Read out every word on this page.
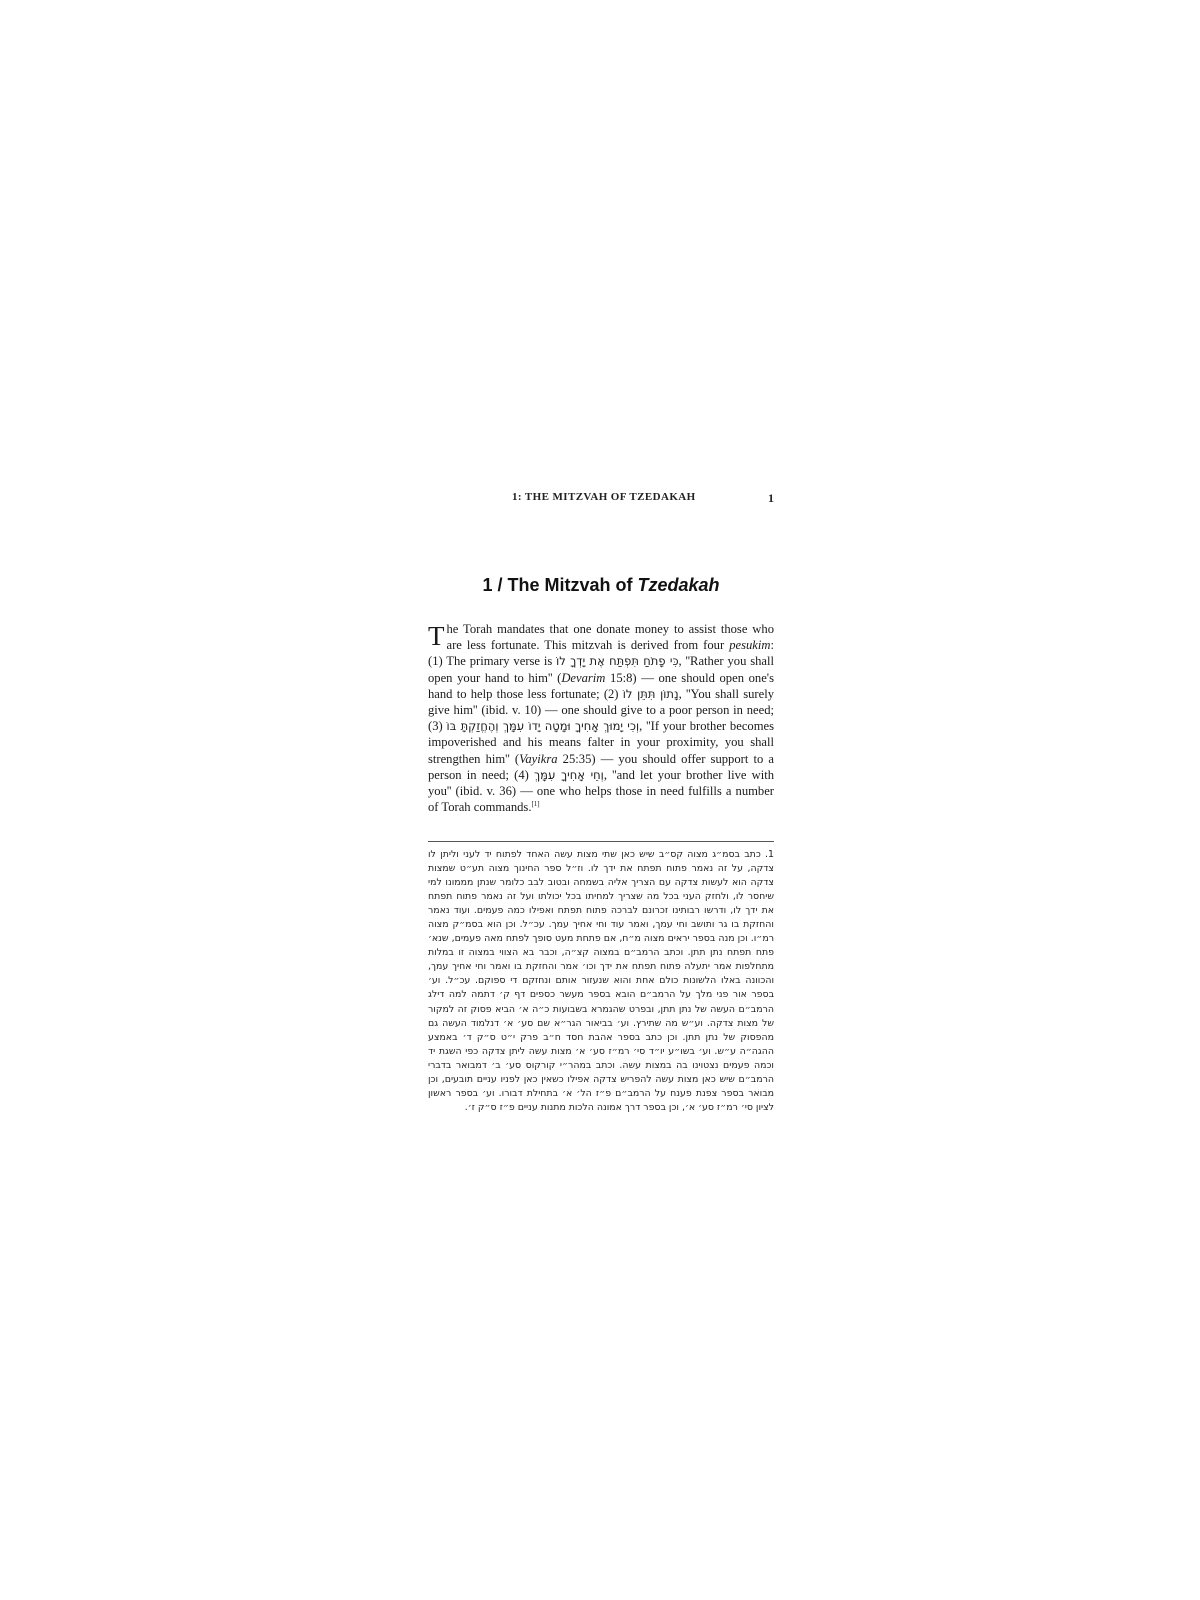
1: THE MITZVAH OF TZEDAKAH	1
1 / The Mitzvah of Tzedakah
The Torah mandates that one donate money to assist those who are less fortunate. This mitzvah is derived from four pesukim: (1) The primary verse is כִּי פָתֹחַ תִּפְתַּח אֶת יָדְךָ לוֹ, ''Rather you shall open your hand to him'' (Devarim 15:8) — one should open one's hand to help those less fortunate; (2) נָתוֹן תִּתֵּן לוֹ, ''You shall surely give him'' (ibid. v. 10) — one should give to a poor person in need; (3) וְכִי יָמוּךְ אָחִיךָ וּמָטָה יָדוֹ עִמָּךְ וְהֶחֱזַקְתָּ בּוֹ, ''If your brother becomes impoverished and his means falter in your proximity, you shall strengthen him'' (Vayikra 25:35) — you should offer support to a person in need; (4) וְחֵי אָחִיךָ עִמָּךְ, ''and let your brother live with you'' (ibid. v. 36) — one who helps those in need fulfills a number of Torah commands.[1]
1. כתב בסמ״ג מצוה קס״ב שיש כאן שתי מצות עשה האחד לפתוח יד לעני וליתן לו צדקה, על זה נאמר פתוח תפתח את ידך לו. וז״ל ספר החינוך מצוה תע״ט שמצות צדקה הוא לעשות צדקה עם הצריך אליה בשמחה ובטוב לבב כלומר שנתן מממונו למי שיחסר לו, ולחזק העני בכל מה שצריך למחיתו בכל יכולתו ועל זה נאמר פתוח תפתח את ידך לו, ודרשו רבותינו זכרונם לברכה פתוח תפתח ואפילו כמה פעמים. ועוד נאמר והחזקת בו גר ותושב וחי עמך, ואמר עוד וחי אחיך עמך. עכ״ל. וכן הוא בסמ״ק מצוה רמ״ו. וכן מנה בספר יראים מצוה מ״ח, אם פתחת מעט סופך לפתח מאה פעמים, שנא׳ פתח תפתח נתן תתן. וכתב הרמב״ם במצוה קצ״ה, וכבר בא הצווי במצוה זו במלות מתחלפות אמר יתעלה פתוח תפתח את ידך וכו׳ אמר והחזקת בו ואמר וחי אחיך עמך, והכוונה באלו הלשונות כולם אחת והוא שנעזור אותם ונחזקם די ספוקם. עכ״ל. וע׳ בספר אור פני מלך על הרמב״ם הובא בספר מעשר כספים דף ק׳ דתמה למה דילג הרמב״ם העשה של נתן תתן, ובפרט שהגמרא בשבועות כ״ה א׳ הביא פסוק זה למקור של מצות צדקה. וע״ש מה שתירץ. וע׳ בביאור הגר״א שם סע׳ א׳ דנלמוד העשה גם מהפסוק של נתן תתן. וכן כתב בספר אהבת חסד ח״ב פרק י״ט ס״ק ד׳ באמצע ההגה״ה ע״ש. וע׳ בשו״ע יו״ד סי׳ רמ״ז סע׳ א׳ מצות עשה ליתן צדקה כפי השגת יד וכמה פעמים נצטוינו בה במצות עשה. וכתב במהר״י קורקוס סע׳ ב׳ דמבואר בדברי הרמב״ם שיש כאן מצות עשה להפריש צדקה אפילו כשאין כאן לפניו עניים תובעים, וכן מבואר בספר צפנת פענח על הרמב״ם פ״ז הל׳ א׳ בתחילת דבורו. וע׳ בספר ראשון לציון סי׳ רמ״ז סע׳ א׳, וכן בספר דרך אמונה הלכות מתנות עניים פ״ז ס״ק ז׳.
